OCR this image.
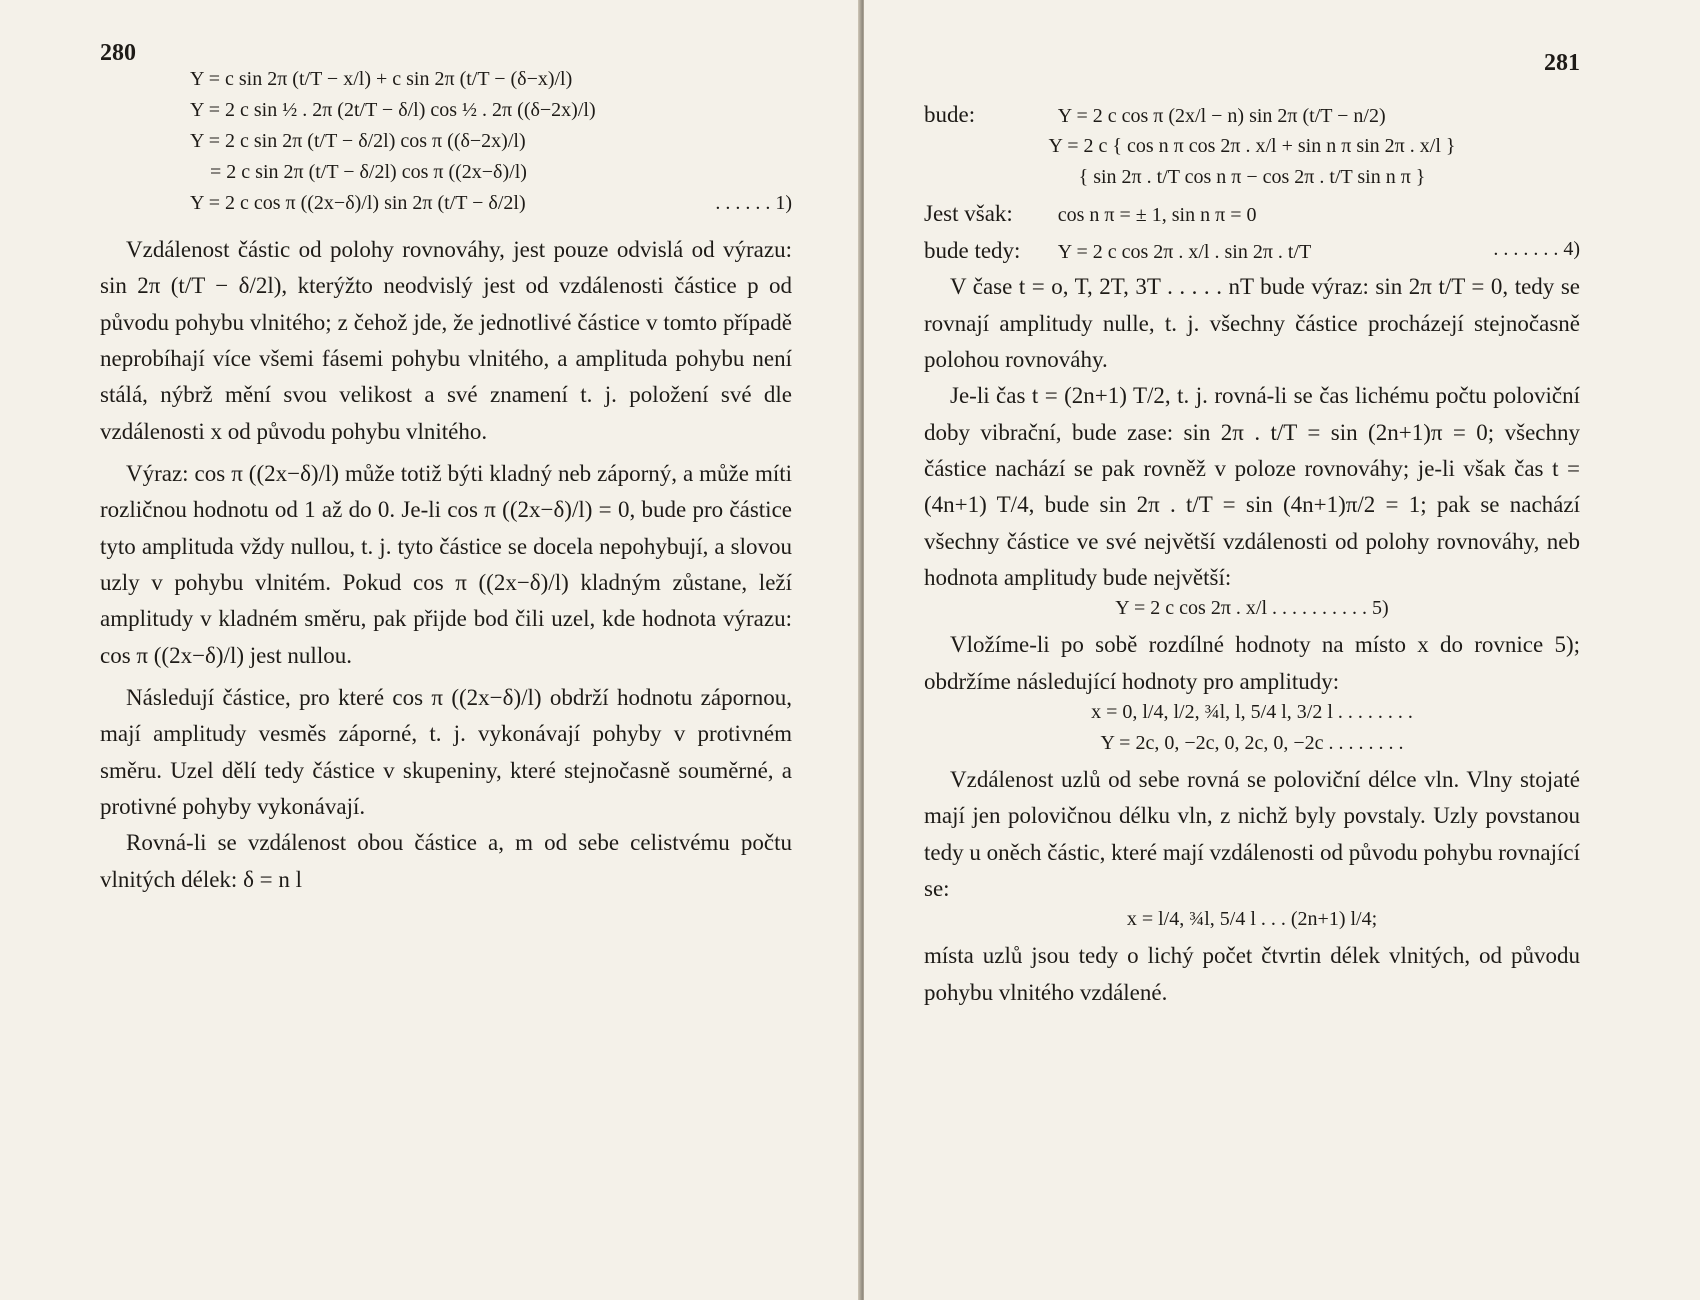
280
Y = c sin 2π (t/T − x/l) + c sin 2π (t/T − (δ−x)/l)
Y = 2 c sin ½ . 2π (2t/T − δ/l) cos ½ . 2π ((δ−2x)/l)
Y = 2 c sin 2π (t/T − δ/2l) cos π ((δ−2x)/l)
= 2 c sin 2π (t/T − δ/2l) cos π ((2x−δ)/l)
Y = 2 c cos π ((2x−δ)/l) sin 2π (t/T − δ/2l)	. . . . . . 1)

Vzdálenost částic od polohy rovnováhy, jest pouze odvislá od výrazu: sin 2π (t/T − δ/2l), kterýžto neodvislý jest od vzdálenosti částice p od původu pohybu vlnitého; z čehož jde, že jednotlivé částice v tomto případě neprobíhají více všemi fásemi pohybu vlnitého, a amplituda pohybu není stálá, nýbrž mění svou velikost a své znamení t. j. položení své dle vzdálenosti x od původu pohybu vlnitého.

Výraz: cos π ((2x−δ)/l) může totiž býti kladný neb záporný, a může míti rozličnou hodnotu od 1 až do 0. Je-li cos π ((2x−δ)/l) = 0, bude pro částice tyto amplituda vždy nullou, t. j. tyto částice se docela nepohybují, a slovou uzly v pohybu vlnitém. Pokud cos π ((2x−δ)/l) kladným zůstane, leží amplitudy v kladném směru, pak přijde bod čili uzel, kde hodnota výrazu: cos π ((2x−δ)/l) jest nullou.

Následují částice, pro které cos π ((2x−δ)/l) obdrží hodnotu zápornou, mají amplitudy vesměs záporné, t. j. vykonávají pohyby v protivném směru. Uzel dělí tedy částice v skupeniny, které stejnočasně souměrné, a protivné pohyby vykonávají.

Rovná-li se vzdálenost obou částice a, m od sebe celistvému počtu vlnitých délek: δ = n l

281
bude:	Y = 2 c cos π (2x/l − n) sin 2π (t/T − n/2)
Y = 2 c { cos n π cos 2π . x/l + sin n π sin 2π . x/l }
{ sin 2π . t/T cos n π − cos 2π . t/T sin n π }
Jest však: cos n π = ± 1, sin n π = 0
bude tedy: Y = 2 c cos 2π . x/l . sin 2π . t/T	. . . . . . . 4)

V čase t = o, T, 2T, 3T . . . . . nT bude výraz: sin 2π t/T = 0, tedy se rovnají amplitudy nulle, t. j. všechny částice procházejí stejnočasně polohou rovnováhy.

Je-li čas t = (2n+1) T/2, t. j. rovná-li se čas lichému počtu poloviční doby vibrační, bude zase: sin 2π . t/T = sin (2n+1)π = 0; všechny částice nachází se pak rovněž v poloze rovnováhy; je-li však čas t = (4n+1) T/4, bude sin 2π . t/T = sin (4n+1)π/2 = 1; pak se nachází všechny částice ve své největší vzdálenosti od polohy rovnováhy, neb hodnota amplitudy bude největší:

Y = 2 c cos 2π . x/l . . . . . . . . . . 5)

Vložíme-li po sobě rozdílné hodnoty na místo x do rovnice 5); obdržíme následující hodnoty pro amplitudy:

x = 0, l/4, l/2, ¾l, l, 5/4 l, 3/2 l . . . . . . . .
Y = 2c, 0, −2c, 0, 2c, 0, −2c . . . . . . . .

Vzdálenost uzlů od sebe rovná se poloviční délce vln. Vlny stojaté mají jen polovičnou délku vln, z nichž byly povstaly. Uzly povstanou tedy u oněch částic, které mají vzdálenosti od původu pohybu rovnající se:

x = l/4, ¾l, 5/4 l . . . (2n+1) l/4;

místa uzlů jsou tedy o lichý počet čtvrtin délek vlnitých, od původu pohybu vlnitého vzdálené.
